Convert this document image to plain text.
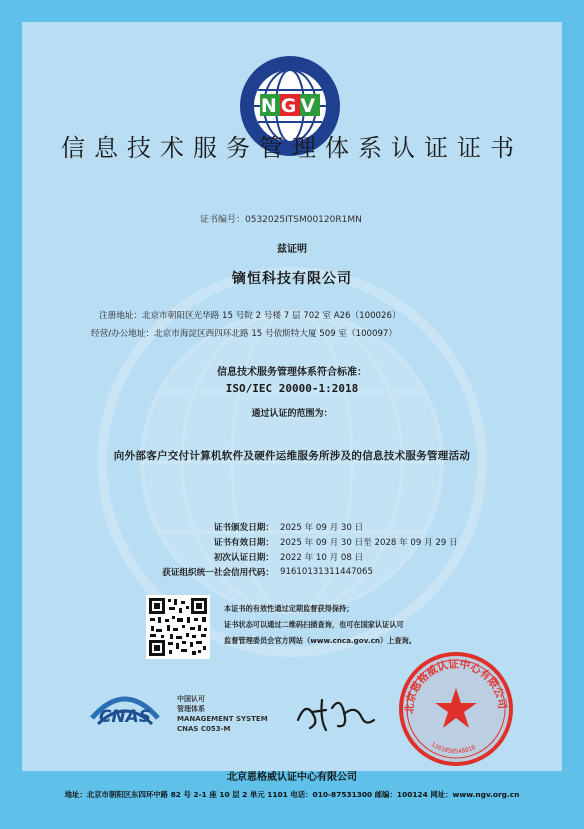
NGV
信息技术服务管理体系认证证书
证书编号：0532025ITSM00120R1MN
兹证明
镝恒科技有限公司
注册地址：北京市朝阳区光华路 15 号院 2 号楼 7 层 702 室 A26（100026）
经营/办公地址：北京市海淀区西四环北路 15 号依斯特大厦 509 室（100097）
信息技术服务管理体系符合标准：
ISO/IEC 20000-1:2018
通过认证的范围为：
向外部客户交付计算机软件及硬件运维服务所涉及的信息技术服务管理活动
证书颁发日期： 2025 年 09 月 30 日
证书有效日期： 2025 年 09 月 30 日至 2028 年 09 月 29 日
初次认证日期： 2022 年 10 月 08 日
获证组织统一社会信用代码： 91610131311447065
本证书的有效性通过定期监督获得保持；
证书状态可以通过二维码扫描查询，也可在国家认证认可
监督管理委员会官方网站（www.cnca.gov.cn）上查询。
CNAS
中国认可
管理体系
MANAGEMENT SYSTEM
CNAS C053-M
北京恩格威认证中心有限公司
1101050548810
北京恩格威认证中心有限公司
地址：北京市朝阳区东四环中路 82 号 2-1 座 10 层 2 单元 1101 电话：010-87531300 邮编：100124 网址：www.ngv.org.cn
